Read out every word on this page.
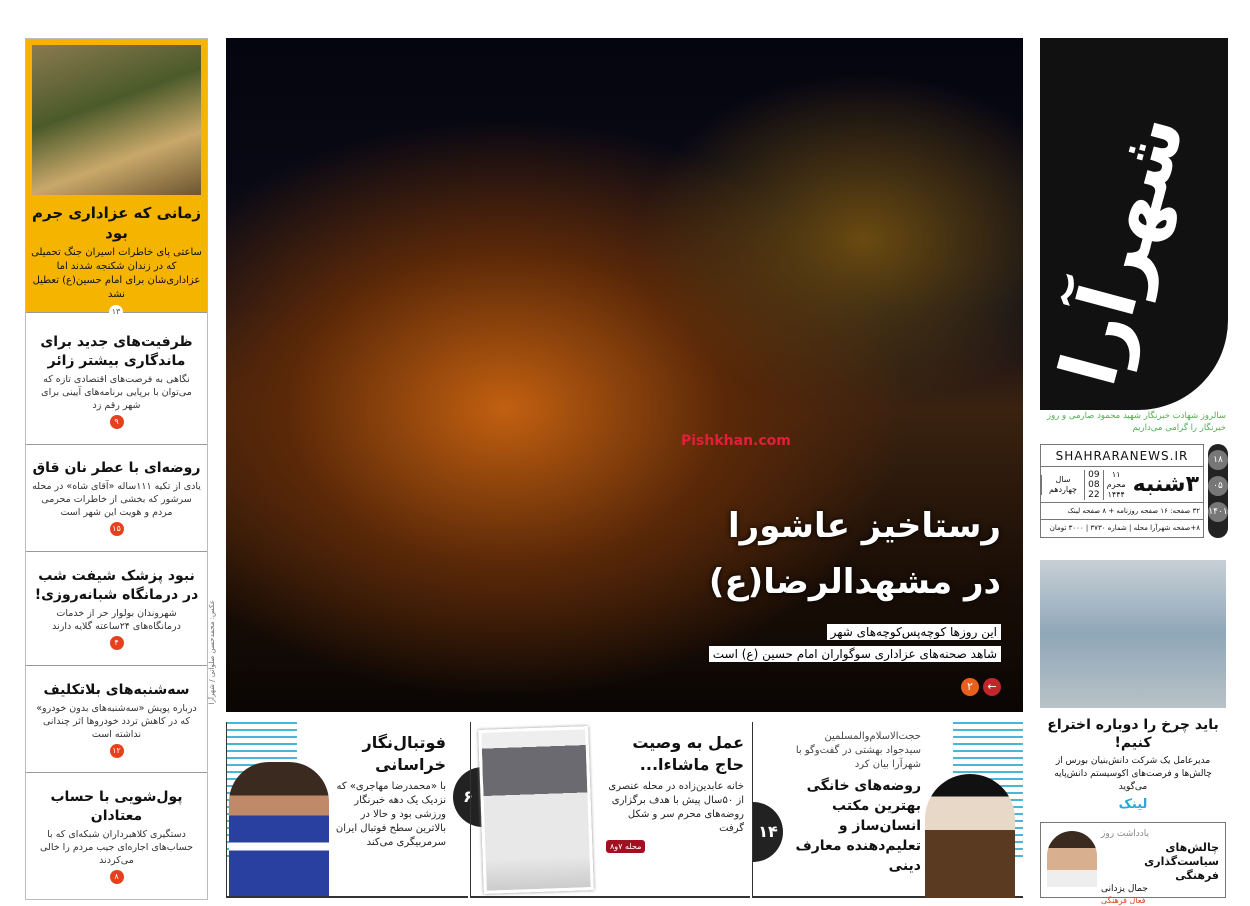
زمانی که عزاداری جرم بود
ساعتی پای خاطرات اسیران جنگ تحمیلی که در زندان شکنجه شدند اما عزاداری‌شان برای امام حسین(ع) تعطیل نشد
۱۳
ظرفیت‌های جدید برای ماندگاری بیشتر زائر

نگاهی به فرصت‌های اقتصادی تازه که می‌توان با برپایی برنامه‌های آیینی برای شهر رقم زد

۹
روضه‌ای با عطر نان قاق

یادی از تکیه ۱۱۱ساله «آقای شاه» در محله سرشور که بخشی از خاطرات محرمی مردم و هویت این شهر است

۱۵
نبود پزشک شیفت شب در درمانگاه شبانه‌روزی!

شهروندان بولوار حر از خدمات درمانگاه‌های ۲۴ساعته گلایه دارند

۴
سه‌شنبه‌های بلاتکلیف

درباره پویش «سه‌شنبه‌های بدون خودرو» که در کاهش تردد خودروها اثر چندانی نداشته است

۱۲
پول‌شویی با حساب معتادان

دستگیری کلاهبرداران شبکه‌ای که با حساب‌های اجاره‌ای جیب مردم را خالی می‌کردند

۸
عکس: محمدحسن صلواتی / شهرآرا
Pishkhan.com
رستاخیز عاشورا
در مشهدالرضا(ع)
این روزها کوچه‌پس‌کوچه‌های شهر
شاهد صحنه‌های عزاداری سوگواران امام حسین (ع) است
←
۲
۶
فوتبال‌نگار خراسانی
با «محمدرضا مهاجری» که نزدیک یک دهه خبرنگار ورزشی بود و حالا در بالاترین سطح فوتبال ایران سرمربیگری می‌کند
عمل به وصیت حاج ماشاءا...
خانه عابدین‌زاده در محله عنصری از ۵۰سال پیش با هدف برگزاری روضه‌های محرم سر و شکل گرفت
محله ۷و۸
۱۴
حجت‌الاسلام‌والمسلمین سیدجواد بهشتی در گفت‌وگو با شهرآرا بیان کرد
روضه‌های خانگی بهترین مکتب انسان‌ساز و تعلیم‌دهنده معارف دینی
شهرآرا
سالروز شهادت خبرنگار شهید محمود صارمی و روز خبرنگار را گرامی می‌داریم
۱۸
۰۵
۱۴۰۱
SHAHRARANEWS.IR
۳شنبه
۱۱
محرم
۱۴۴۴
09 08 22
سال چهاردهم
۳۲ صفحه: ۱۶ صفحه روزنامه + ۸ صفحه لینک
۸+صفحه شهرآرا محله | شماره ۳۷۳۰ | ۳۰۰۰ تومان
باید چرخ را دوباره اختراع کنیم!
مدیرعامل یک شرکت دانش‌بنیان بورس از چالش‌ها و فرصت‌های اکوسیستم دانش‌پایه می‌گوید
لینک
یادداشت روز
چالش‌های سیاست‌گذاری فرهنگی
جمال یزدانی
فعال فرهنگی
